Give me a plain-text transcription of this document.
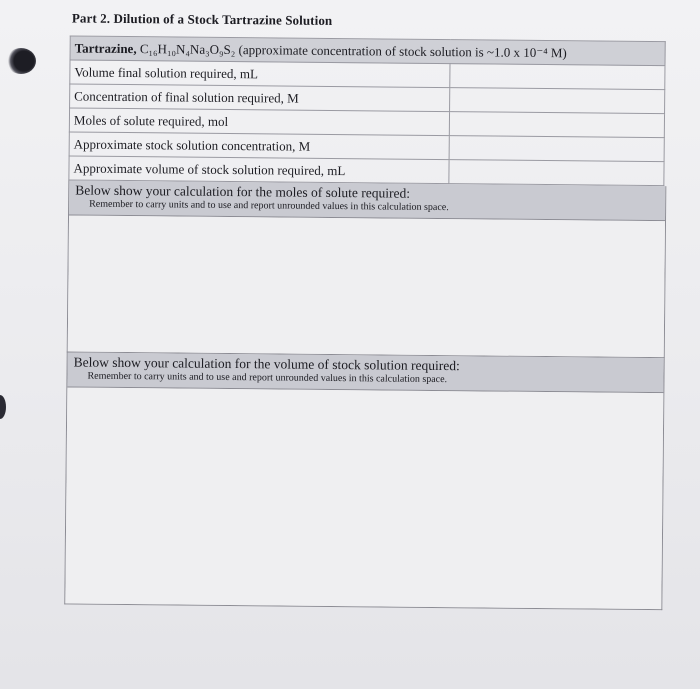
Part 2. Dilution of a Stock Tartrazine Solution
Tartrazine, C₁₆H₁₀N₄Na₃O₉S₂ (approximate concentration of stock solution is ~1.0 x 10⁻⁴ M)	
Volume final solution required, mL	
Concentration of final solution required, M	
Moles of solute required, mol	
Approximate stock solution concentration, M	
Approximate volume of stock solution required, mL	
Below show your calculation for the moles of solute required:
Remember to carry units and to use and report unrounded values in this calculation space.
Below show your calculation for the volume of stock solution required:
Remember to carry units and to use and report unrounded values in this calculation space.
